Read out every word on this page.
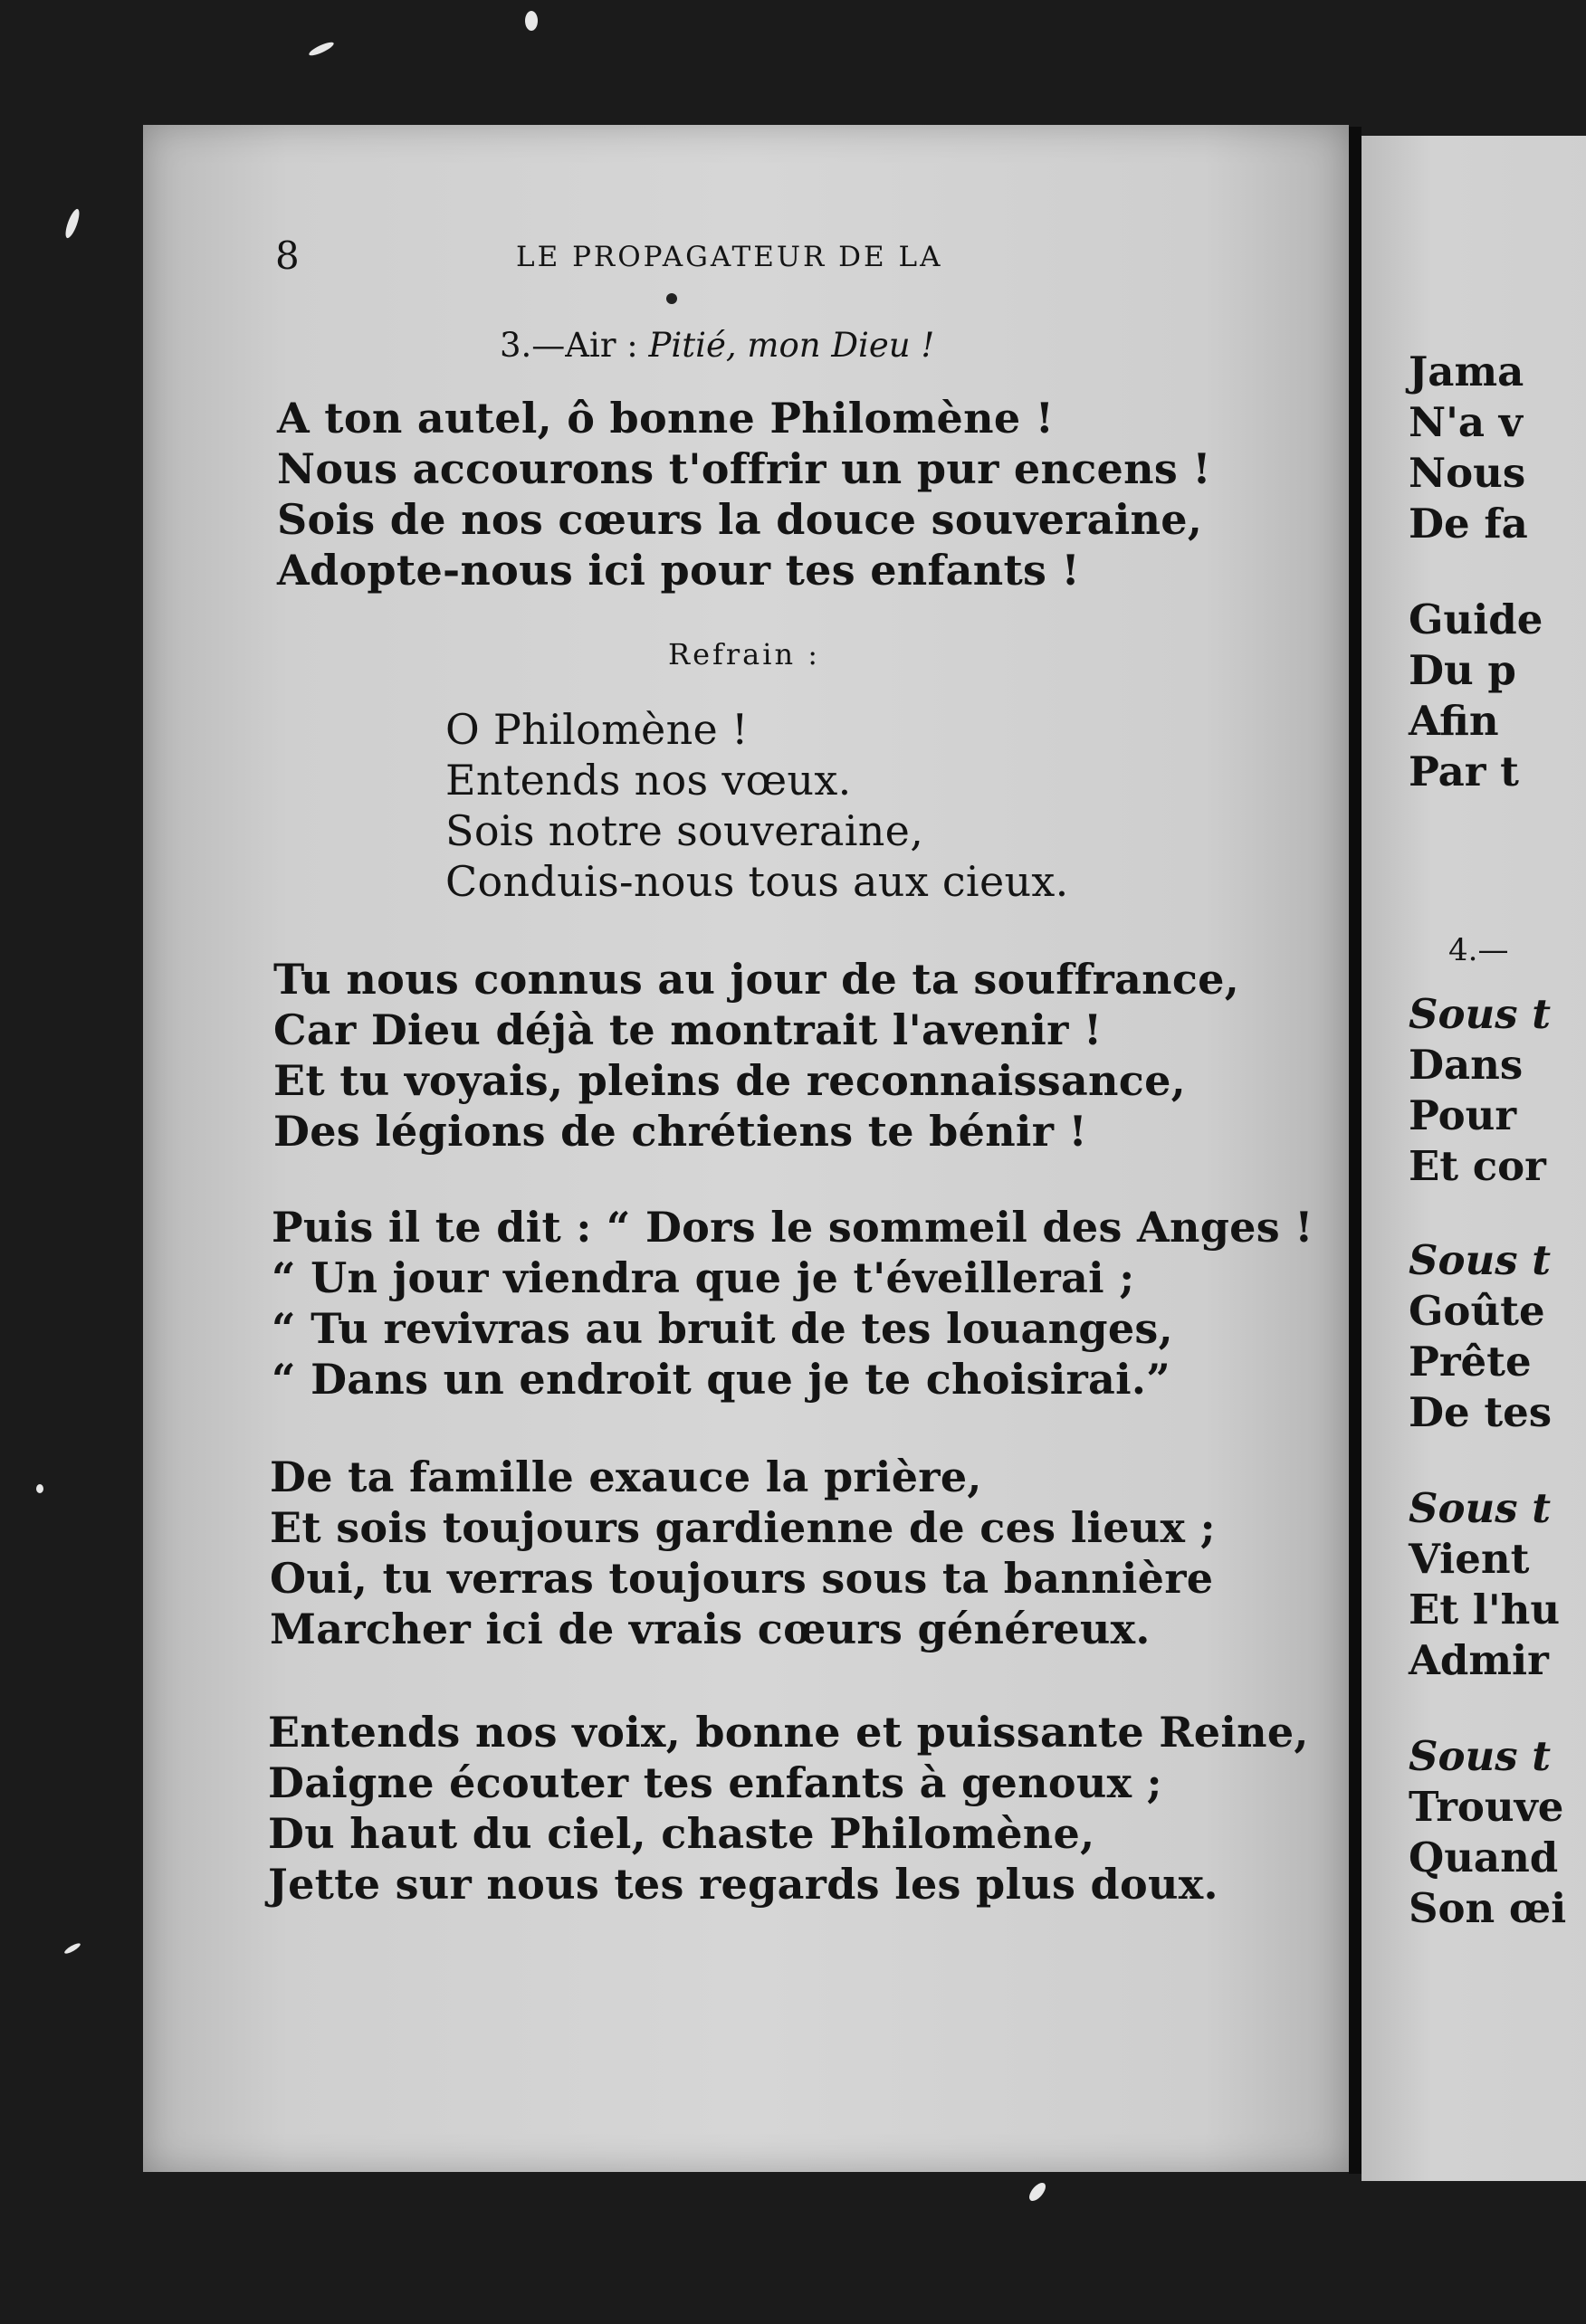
8	LE PROPAGATEUR DE LA
3.—Air : Pitié, mon Dieu !
A ton autel, ô bonne Philomène !
Nous accourons t'offrir un pur encens !
Sois de nos cœurs la douce souveraine,
Adopte-nous ici pour tes enfants !
Refrain :
O Philomène !
Entends nos vœux.
Sois notre souveraine,
Conduis-nous tous aux cieux.
Tu nous connus au jour de ta souffrance,
Car Dieu déjà te montrait l'avenir !
Et tu voyais, pleins de reconnaissance,
Des légions de chrétiens te bénir !
Puis il te dit : “ Dors le sommeil des Anges !
“ Un jour viendra que je t'éveillerai ;
“ Tu revivras au bruit de tes louanges,
“ Dans un endroit que je te choisirai.”
De ta famille exauce la prière,
Et sois toujours gardienne de ces lieux ;
Oui, tu verras toujours sous ta bannière
Marcher ici de vrais cœurs généreux.
Entends nos voix, bonne et puissante Reine,
Daigne écouter tes enfants à genoux ;
Du haut du ciel, chaste Philomène,
Jette sur nous tes regards les plus doux.
Jama
N'a v
Nous
De fa
Guide
Du p
Afin
Par t
4.—
Sous t
Dans
Pour
Et cor
Sous t
Goûte
Prête
De tes
Sous t
Vient
Et l'hu
Admir
Sous t
Trouve
Quand
Son œi
